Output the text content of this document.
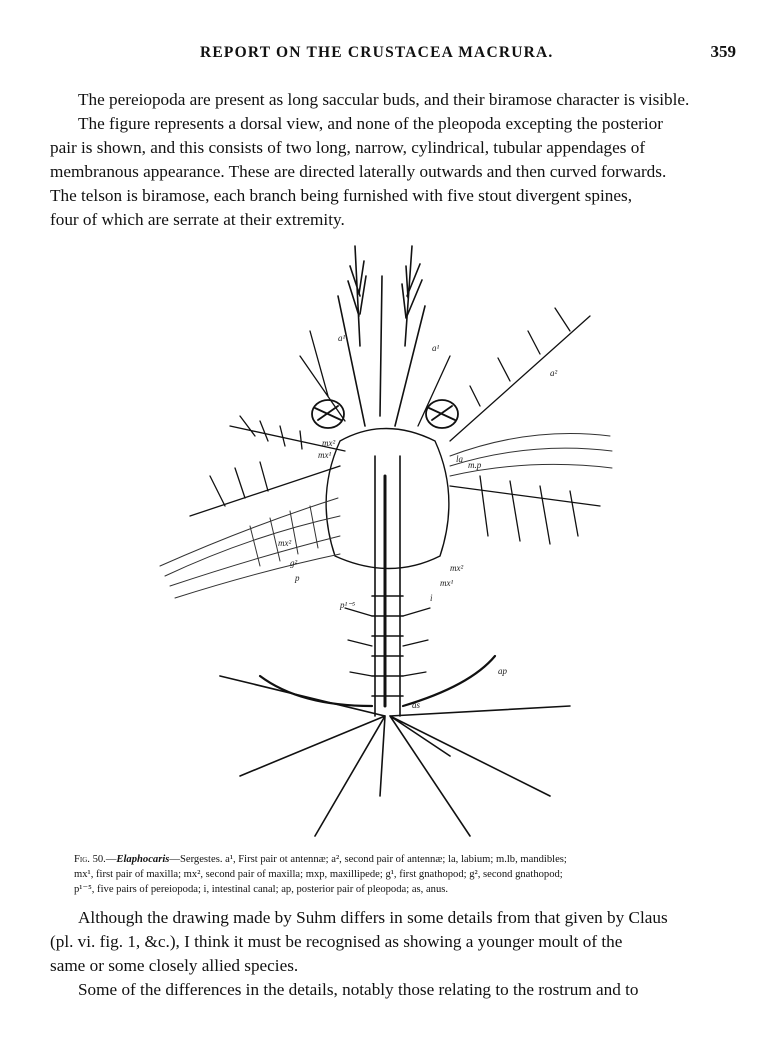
REPORT ON THE CRUSTACEA MACRURA.	359

The pereiopoda are present as long saccular buds, and their biramose character is visible.
The figure represents a dorsal view, and none of the pleopoda excepting the posterior
pair is shown, and this consists of two long, narrow, cylindrical, tubular appendages of
membranous appearance. These are directed laterally outwards and then curved forwards.
The telson is biramose, each branch being furnished with five stout divergent spines,
four of which are serrate at their extremity.

a¹
a¹
a²
mx²
mx¹	la
m.p
mx²
mx²
mx¹
g²
p
p¹⁻⁵
i
ap
as
Fig. 50.—Elaphocaris—Sergestes. a¹, First pair ot antennæ; a², second pair of antennæ; la, labium; m.lb, mandibles;
mx¹, first pair of maxilla; mx², second pair of maxilla; mxp, maxillipede; g¹, first gnathopod; g², second gnathopod;
p¹⁻⁵, five pairs of pereiopoda; i, intestinal canal; ap, posterior pair of pleopoda; as, anus.

Although the drawing made by Suhm differs in some details from that given by Claus
(pl. vi. fig. 1, &c.), I think it must be recognised as showing a younger moult of the
same or some closely allied species.

Some of the differences in the details, notably those relating to the rostrum and to
